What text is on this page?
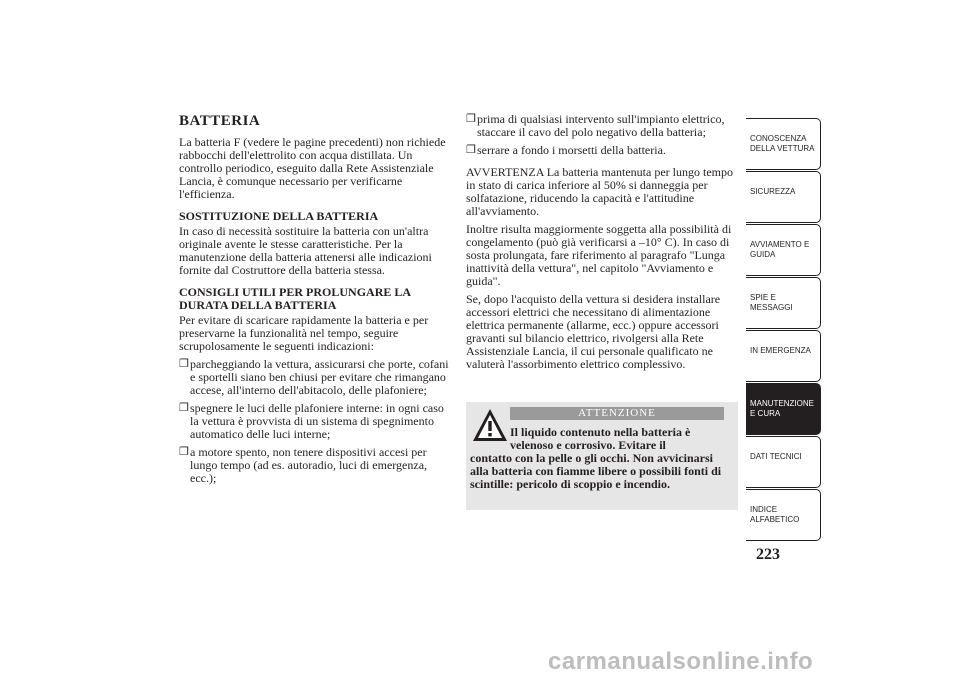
BATTERIA

La batteria F (vedere le pagine precedenti) non richiede rabbocchi dell'elettrolito con acqua distillata. Un controllo periodico, eseguito dalla Rete Assistenziale Lancia, è comunque necessario per verificarne l'efficienza.

SOSTITUZIONE DELLA BATTERIA

In caso di necessità sostituire la batteria con un'altra originale avente le stesse caratteristiche. Per la manutenzione della batteria attenersi alle indicazioni fornite dal Costruttore della batteria stessa.

CONSIGLI UTILI PER PROLUNGARE LA DURATA DELLA BATTERIA

Per evitare di scaricare rapidamente la batteria e per preservarne la funzionalità nel tempo, seguire scrupolosamente le seguenti indicazioni:

❐ parcheggiando la vettura, assicurarsi che porte, cofani e sportelli siano ben chiusi per evitare che rimangano accese, all'interno dell'abitacolo, delle plafoniere;
❐ spegnere le luci delle plafoniere interne: in ogni caso la vettura è provvista di un sistema di spegnimento automatico delle luci interne;
❐ a motore spento, non tenere dispositivi accesi per lungo tempo (ad es. autoradio, luci di emergenza, ecc.);
❐ prima di qualsiasi intervento sull'impianto elettrico, staccare il cavo del polo negativo della batteria;
❐ serrare a fondo i morsetti della batteria.

AVVERTENZA La batteria mantenuta per lungo tempo in stato di carica inferiore al 50% si danneggia per solfatazione, riducendo la capacità e l'attitudine all'avviamento.

Inoltre risulta maggiormente soggetta alla possibilità di congelamento (può già verificarsi a –10° C). In caso di sosta prolungata, fare riferimento al paragrafo "Lunga inattività della vettura", nel capitolo "Avviamento e guida".

Se, dopo l'acquisto della vettura si desidera installare accessori elettrici che necessitano di alimentazione elettrica permanente (allarme, ecc.) oppure accessori gravanti sul bilancio elettrico, rivolgersi alla Rete Assistenziale Lancia, il cui personale qualificato ne valuterà l'assorbimento elettrico complessivo.

ATTENZIONE

Il liquido contenuto nella batteria è velenoso e corrosivo. Evitare il
contatto con la pelle o gli occhi. Non avvicinarsi alla batteria con fiamme libere o possibili fonti di scintille: pericolo di scoppio e incendio.

CONOSCENZA DELLA VETTURA
SICUREZZA
AVVIAMENTO E GUIDA
SPIE E MESSAGGI
IN EMERGENZA
MANUTENZIONE E CURA
DATI TECNICI
INDICE ALFABETICO
223
carmanualsonline.info
